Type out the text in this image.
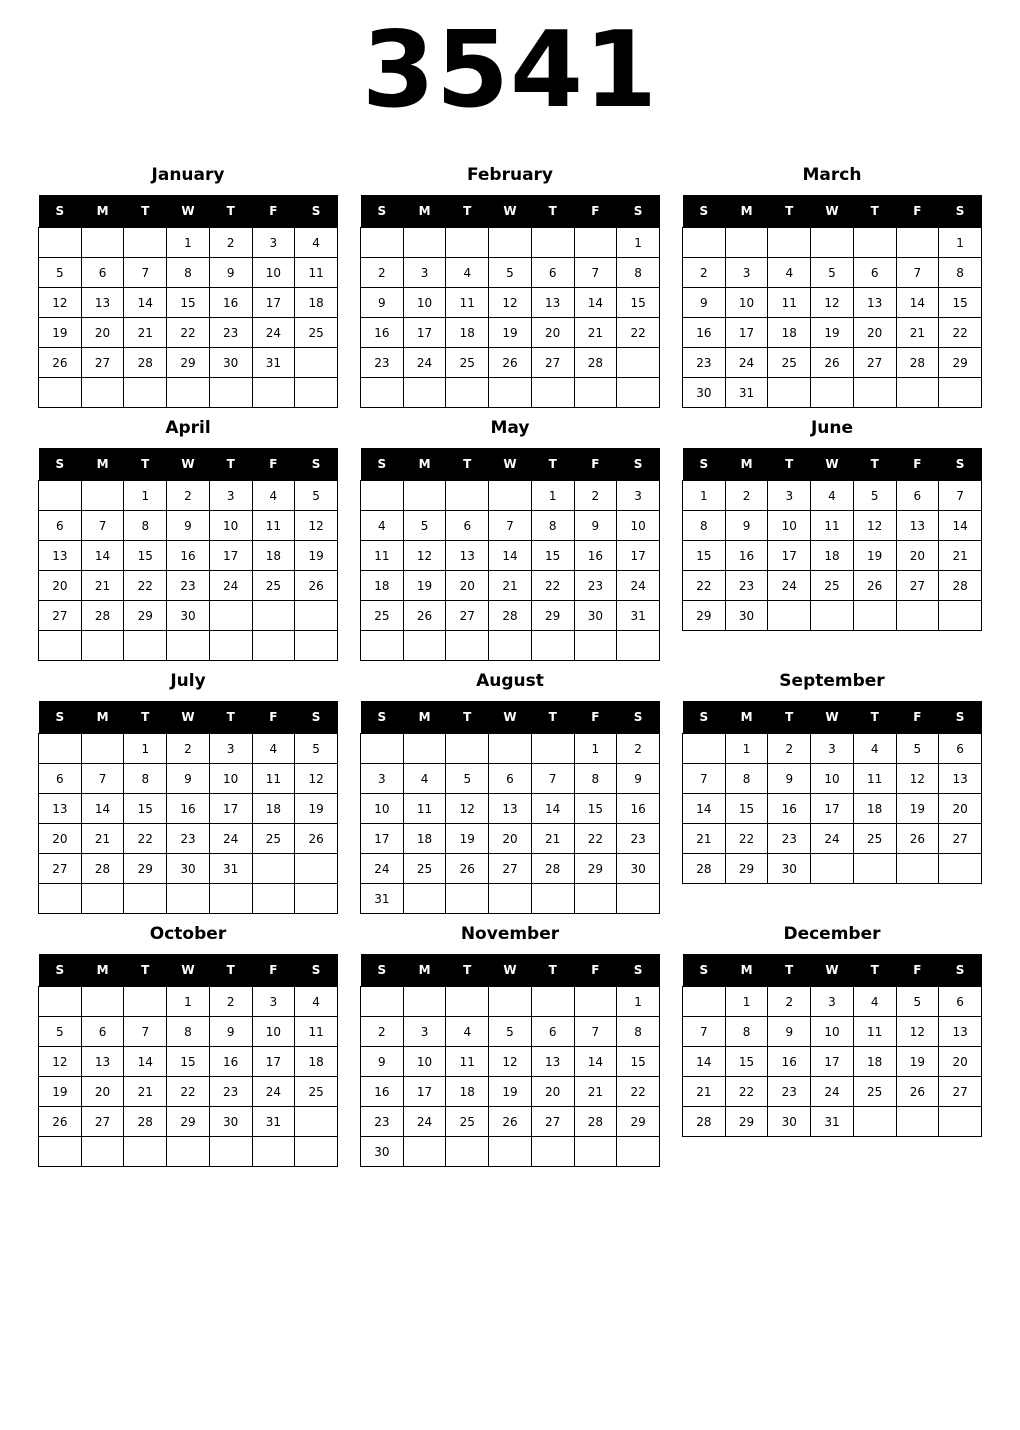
3541
January
S	M	T	W	T	F	S
			1	2	3	4
5	6	7	8	9	10	11
12	13	14	15	16	17	18
19	20	21	22	23	24	25
26	27	28	29	30	31	

February
S	M	T	W	T	F	S
						1
2	3	4	5	6	7	8
9	10	11	12	13	14	15
16	17	18	19	20	21	22
23	24	25	26	27	28	

March
S	M	T	W	T	F	S
						1
2	3	4	5	6	7	8
9	10	11	12	13	14	15
16	17	18	19	20	21	22
23	24	25	26	27	28	29
30	31					
April
S	M	T	W	T	F	S
		1	2	3	4	5
6	7	8	9	10	11	12
13	14	15	16	17	18	19
20	21	22	23	24	25	26
27	28	29	30			

May
S	M	T	W	T	F	S
				1	2	3
4	5	6	7	8	9	10
11	12	13	14	15	16	17
18	19	20	21	22	23	24
25	26	27	28	29	30	31

June
S	M	T	W	T	F	S
1	2	3	4	5	6	7
8	9	10	11	12	13	14
15	16	17	18	19	20	21
22	23	24	25	26	27	28
29	30					
July
S	M	T	W	T	F	S
		1	2	3	4	5
6	7	8	9	10	11	12
13	14	15	16	17	18	19
20	21	22	23	24	25	26
27	28	29	30	31		

August
S	M	T	W	T	F	S
					1	2
3	4	5	6	7	8	9
10	11	12	13	14	15	16
17	18	19	20	21	22	23
24	25	26	27	28	29	30
31						
September
S	M	T	W	T	F	S
	1	2	3	4	5	6
7	8	9	10	11	12	13
14	15	16	17	18	19	20
21	22	23	24	25	26	27
28	29	30				
October
S	M	T	W	T	F	S
			1	2	3	4
5	6	7	8	9	10	11
12	13	14	15	16	17	18
19	20	21	22	23	24	25
26	27	28	29	30	31	

November
S	M	T	W	T	F	S
						1
2	3	4	5	6	7	8
9	10	11	12	13	14	15
16	17	18	19	20	21	22
23	24	25	26	27	28	29
30						
December
S	M	T	W	T	F	S
	1	2	3	4	5	6
7	8	9	10	11	12	13
14	15	16	17	18	19	20
21	22	23	24	25	26	27
28	29	30	31			
